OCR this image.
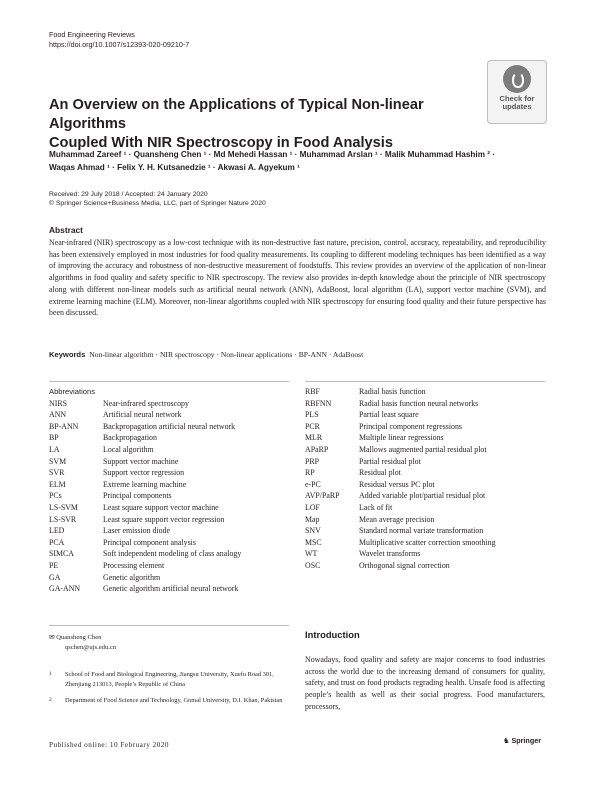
Food Engineering Reviews
https://doi.org/10.1007/s12393-020-09210-7
Check for
updates
An Overview on the Applications of Typical Non-linear Algorithms
Coupled With NIR Spectroscopy in Food Analysis
Muhammad Zareef ¹ · Quansheng Chen ¹ · Md Mehedi Hassan ¹ · Muhammad Arslan ¹ · Malik Muhammad Hashim ² ·
Waqas Ahmad ¹ · Felix Y. H. Kutsanedzie ¹ · Akwasi A. Agyekum ¹
Received: 29 July 2018 / Accepted: 24 January 2020
© Springer Science+Business Media, LLC, part of Springer Nature 2020
Abstract
Near-infrared (NIR) spectroscopy as a low-cost technique with its non-destructive fast nature, precision, control, accuracy, repeatability, and reproducibility has been extensively employed in most industries for food quality measurements. Its coupling to different modeling techniques has been identified as a way of improving the accuracy and robustness of non-destructive measurement of foodstuffs. This review provides an overview of the application of non-linear algorithms in food quality and safety specific to NIR spectroscopy. The review also provides in-depth knowledge about the principle of NIR spectroscopy along with different non-linear models such as artificial neural network (ANN), AdaBoost, local algorithm (LA), support vector machine (SVM), and extreme learning machine (ELM). Moreover, non-linear algorithms coupled with NIR spectroscopy for ensuring food quality and their future perspective has been discussed.
Keywords Non-linear algorithm · NIR spectroscopy · Non-linear applications · BP-ANN · AdaBoost
Abbreviations
NIRS	Near-infrared spectroscopy
ANN	Artificial neural network
BP-ANN	Backpropagation artificial neural network
BP	Backpropagation
LA	Local algorithm
SVM	Support vector machine
SVR	Support vector regression
ELM	Extreme learning machine
PCs	Principal components
LS-SVM	Least square support vector machine
LS-SVR	Least square support vector regression
LED	Laser emission diode
PCA	Principal component analysis
SIMCA	Soft independent modeling of class analogy
PE	Processing element
GA	Genetic algorithm
GA-ANN	Genetic algorithm artificial neural network
RBF	Radial basis function
RBFNN	Radial basis function neural networks
PLS	Partial least square
PCR	Principal component regressions
MLR	Multiple linear regressions
APaRP	Mallows augmented partial residual plot
PRP	Partial residual plot
RP	Residual plot
e-PC	Residual versus PC plot
AVP/PaRP	Added variable plot/partial residual plot
LOF	Lack of fit
Map	Mean average precision
SNV	Standard normal variate transformation
MSC	Multiplicative scatter correction smoothing
WT	Wavelet transforms
OSC	Orthogonal signal correction
✉ Quansheng Chen
qschen@ujs.edu.cn
1	School of Food and Biological Engineering, Jiangsu University, Xuefu Road 301, Zhenjiang 213013, People’s Republic of China
2	Department of Food Science and Technology, Gomal University, D.I. Khan, Pakistan
Introduction
Nowadays, food quality and safety are major concerns to food industries across the world due to the increasing demand of consumers for quality, safety, and trust on food products regrading health. Unsafe food is affecting people’s health as well as their social progress. Food manufacturers, processors,
Published online: 10 February 2020	♞ Springer
